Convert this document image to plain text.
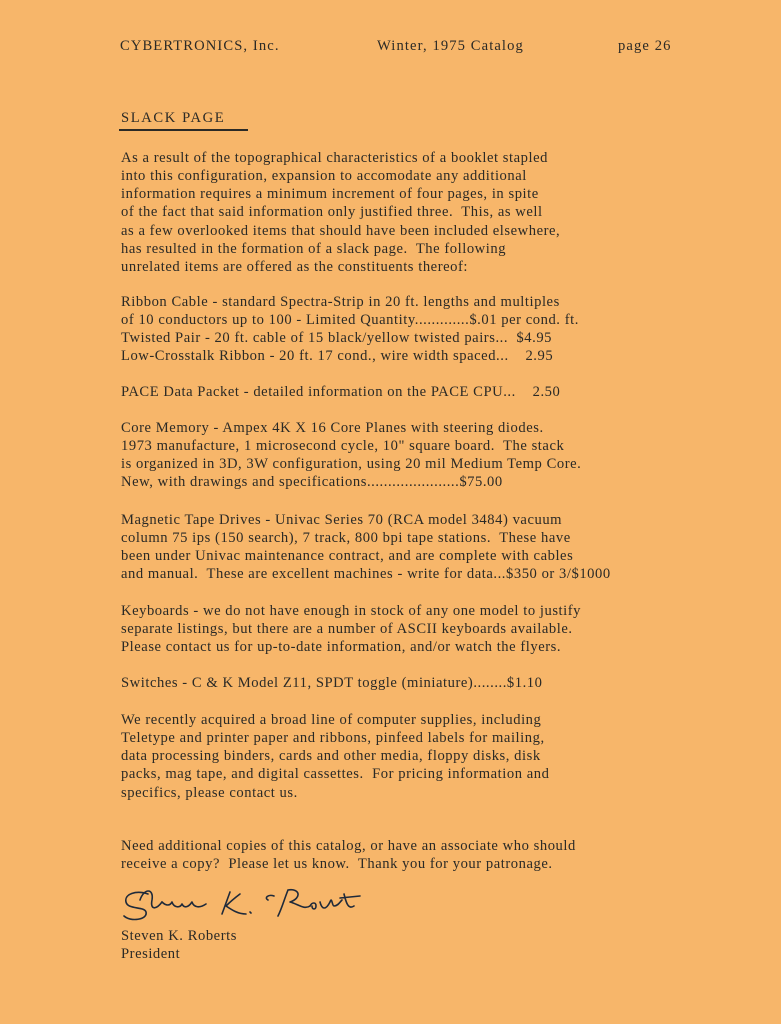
CYBERTRONICS, Inc.	Winter, 1975 Catalog	page 26
SLACK PAGE
As a result of the topographical characteristics of a booklet stapled
into this configuration, expansion to accomodate any additional
information requires a minimum increment of four pages, in spite
of the fact that said information only justified three.  This, as well
as a few overlooked items that should have been included elsewhere,
has resulted in the formation of a slack page.  The following
unrelated items are offered as the constituents thereof:
Ribbon Cable - standard Spectra-Strip in 20 ft. lengths and multiples
of 10 conductors up to 100 - Limited Quantity.............$.01 per cond. ft.
Twisted Pair - 20 ft. cable of 15 black/yellow twisted pairs...  $4.95
Low-Crosstalk Ribbon - 20 ft. 17 cond., wire width spaced...    2.95
PACE Data Packet - detailed information on the PACE CPU...    2.50
Core Memory - Ampex 4K X 16 Core Planes with steering diodes.
1973 manufacture, 1 microsecond cycle, 10" square board.  The stack
is organized in 3D, 3W configuration, using 20 mil Medium Temp Core.
New, with drawings and specifications......................$75.00
Magnetic Tape Drives - Univac Series 70 (RCA model 3484) vacuum
column 75 ips (150 search), 7 track, 800 bpi tape stations.  These have
been under Univac maintenance contract, and are complete with cables
and manual.  These are excellent machines - write for data...$350 or 3/$1000
Keyboards - we do not have enough in stock of any one model to justify
separate listings, but there are a number of ASCII keyboards available.
Please contact us for up-to-date information, and/or watch the flyers.
Switches - C & K Model Z11, SPDT toggle (miniature)........$1.10
We recently acquired a broad line of computer supplies, including
Teletype and printer paper and ribbons, pinfeed labels for mailing,
data processing binders, cards and other media, floppy disks, disk
packs, mag tape, and digital cassettes.  For pricing information and
specifics, please contact us.
Need additional copies of this catalog, or have an associate who should
receive a copy?  Please let us know.  Thank you for your patronage.
Steven K. Roberts
President
